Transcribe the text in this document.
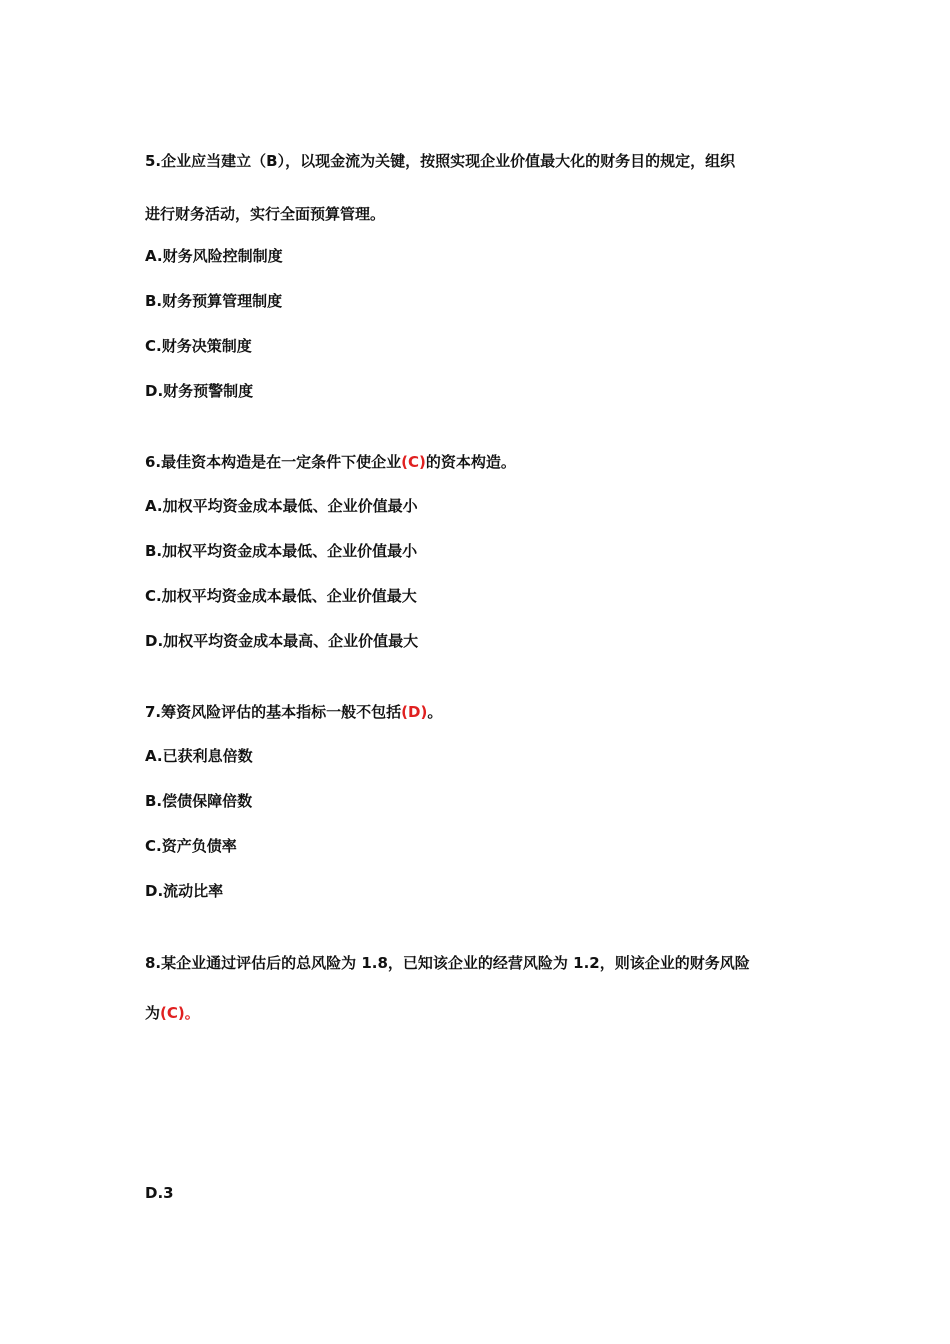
5.企业应当建立（B），以现金流为关键，按照实现企业价值最大化的财务目的规定，组织
进行财务活动，实行全面预算管理。
A.财务风险控制制度
B.财务预算管理制度
C.财务决策制度
D.财务预警制度
6.最佳资本构造是在一定条件下使企业(C)的资本构造。
A.加权平均资金成本最低、企业价值最小
B.加权平均资金成本最低、企业价值最小
C.加权平均资金成本最低、企业价值最大
D.加权平均资金成本最高、企业价值最大
7.筹资风险评估的基本指标一般不包括(D)。
A.已获利息倍数
B.偿债保障倍数
C.资产负债率
D.流动比率
8.某企业通过评估后的总风险为 1.8，已知该企业的经营风险为 1.2，则该企业的财务风险
为(C)。
D.3
